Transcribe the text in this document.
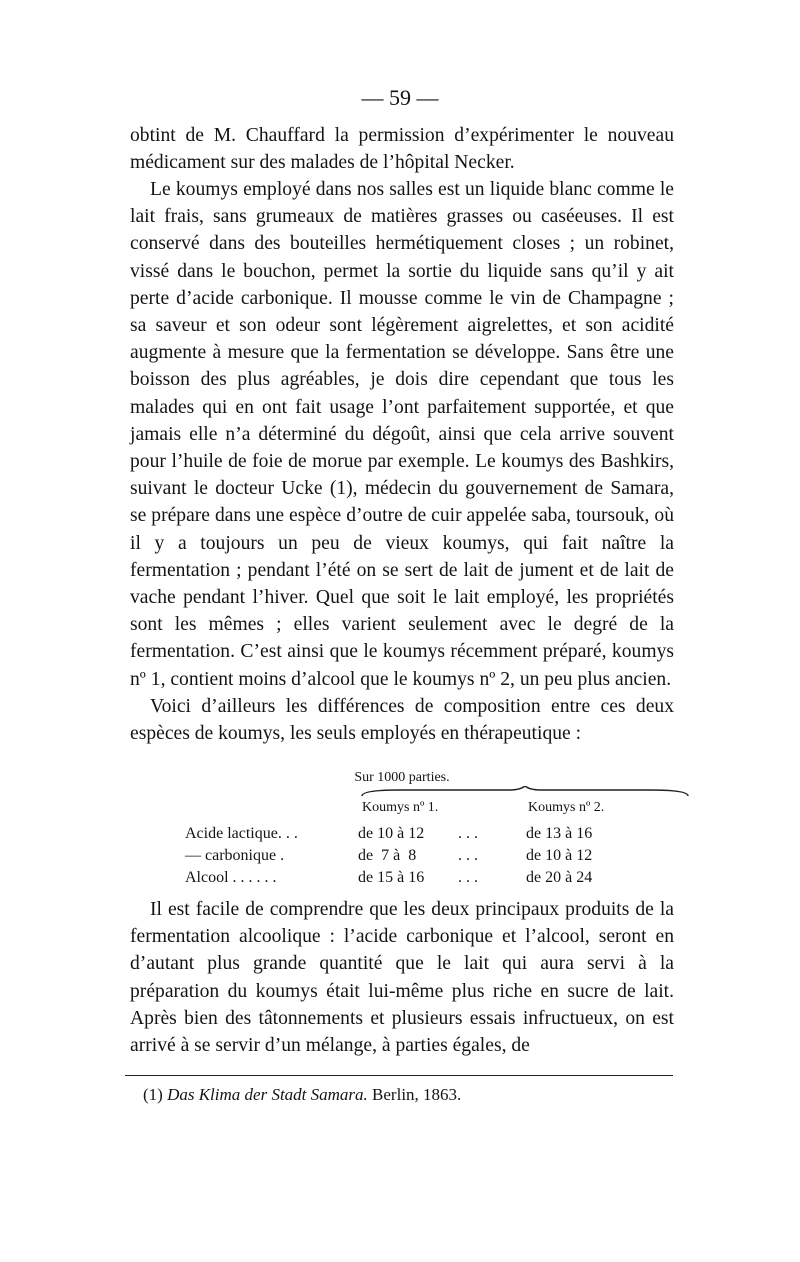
— 59 —

obtint de M. Chauffard la permission d’expérimenter le nouveau médicament sur des malades de l’hôpital Necker.

Le koumys employé dans nos salles est un liquide blanc comme le lait frais, sans grumeaux de matières grasses ou caséeuses. Il est conservé dans des bouteilles hermétiquement closes ; un robinet, vissé dans le bouchon, permet la sortie du liquide sans qu’il y ait perte d’acide carbonique. Il mousse comme le vin de Champagne ; sa saveur et son odeur sont légèrement aigrelettes, et son acidité augmente à mesure que la fermentation se développe. Sans être une boisson des plus agréables, je dois dire cependant que tous les malades qui en ont fait usage l’ont parfaitement supportée, et que jamais elle n’a déterminé du dégoût, ainsi que cela arrive souvent pour l’huile de foie de morue par exemple. Le koumys des Bashkirs, suivant le docteur Ucke (1), médecin du gouvernement de Samara, se prépare dans une espèce d’outre de cuir appelée saba, toursouk, où il y a toujours un peu de vieux koumys, qui fait naître la fermentation ; pendant l’été on se sert de lait de jument et de lait de vache pendant l’hiver. Quel que soit le lait employé, les propriétés sont les mêmes ; elles varient seulement avec le degré de la fermentation. C’est ainsi que le koumys récemment préparé, koumys nº 1, contient moins d’alcool que le koumys nº 2, un peu plus ancien.

Voici d’ailleurs les différences de composition entre ces deux espèces de koumys, les seuls employés en thérapeutique :

Sur 1000 parties.
Koumys nº 1.	Koumys nº 2.
Acide lactique. . .	de 10 à 12 . . .	de 13 à 16
— carbonique .	de  7 à  8	. . .	de 10 à 12
Alcool . . . . . .	de 15 à 16 . . .	de 20 à 24

Il est facile de comprendre que les deux principaux produits de la fermentation alcoolique : l’acide carbonique et l’alcool, seront en d’autant plus grande quantité que le lait qui aura servi à la préparation du koumys était lui-même plus riche en sucre de lait. Après bien des tâtonnements et plusieurs essais infructueux, on est arrivé à se servir d’un mélange, à parties égales, de

(1) Das Klima der Stadt Samara. Berlin, 1863.
